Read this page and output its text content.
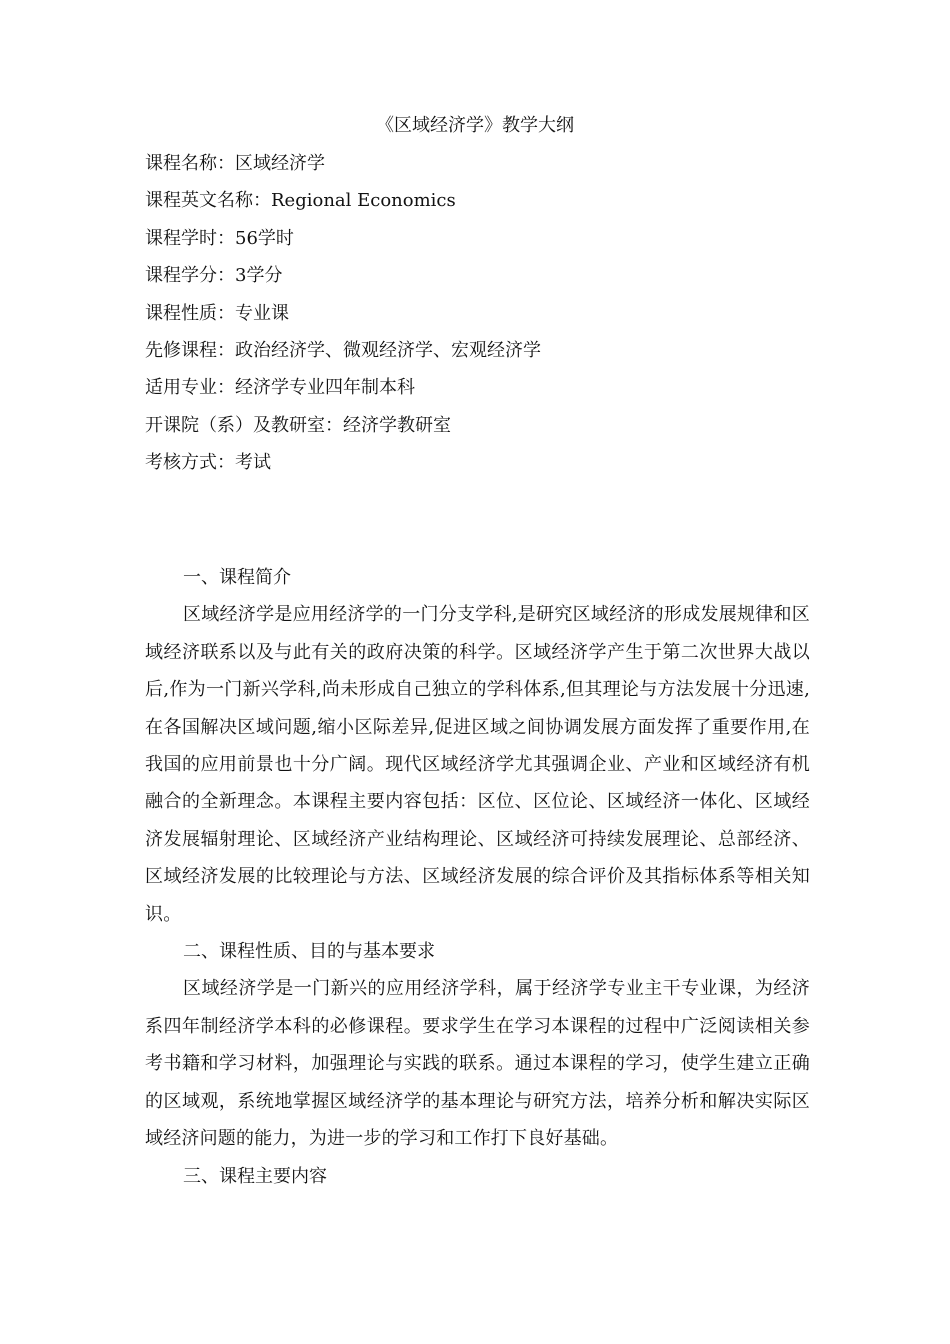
《区域经济学》教学大纲
课程名称：区域经济学
课程英文名称：Regional Economics
课程学时：56学时
课程学分：3学分
课程性质：专业课
先修课程：政治经济学、微观经济学、宏观经济学
适用专业：经济学专业四年制本科
开课院（系）及教研室：经济学教研室
考核方式：考试
一、课程简介

区域经济学是应用经济学的一门分支学科,是研究区域经济的形成发展规律和区域经济联系以及与此有关的政府决策的科学。区域经济学产生于第二次世界大战以后,作为一门新兴学科,尚未形成自己独立的学科体系,但其理论与方法发展十分迅速,在各国解决区域问题,缩小区际差异,促进区域之间协调发展方面发挥了重要作用,在我国的应用前景也十分广阔。现代区域经济学尤其强调企业、产业和区域经济有机融合的全新理念。本课程主要内容包括：区位、区位论、区域经济一体化、区域经济发展辐射理论、区域经济产业结构理论、区域经济可持续发展理论、总部经济、区域经济发展的比较理论与方法、区域经济发展的综合评价及其指标体系等相关知识。

二、课程性质、目的与基本要求

区域经济学是一门新兴的应用经济学科，属于经济学专业主干专业课，为经济系四年制经济学本科的必修课程。要求学生在学习本课程的过程中广泛阅读相关参考书籍和学习材料，加强理论与实践的联系。通过本课程的学习，使学生建立正确的区域观，系统地掌握区域经济学的基本理论与研究方法，培养分析和解决实际区域经济问题的能力，为进一步的学习和工作打下良好基础。

三、课程主要内容
